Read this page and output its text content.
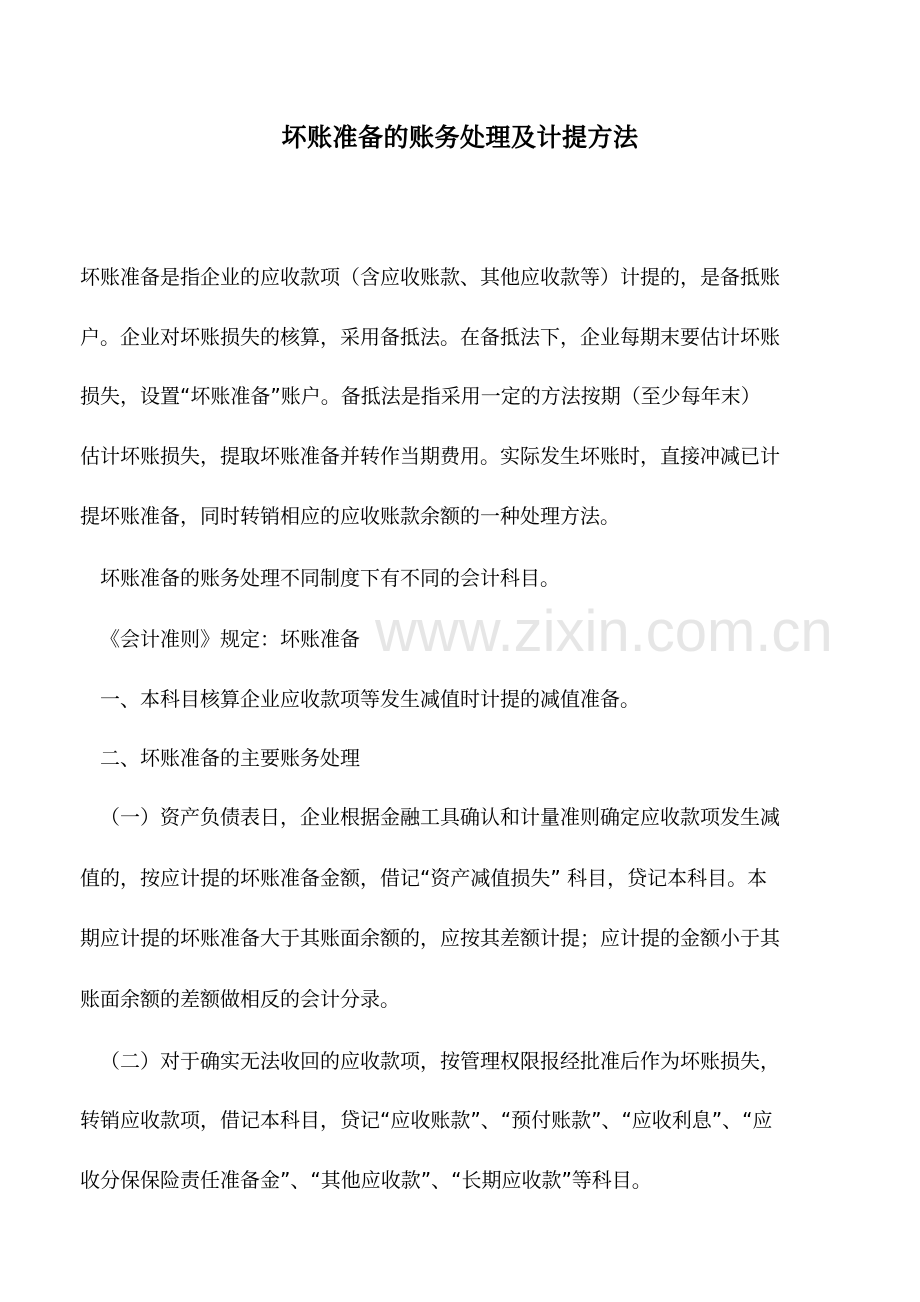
www.zixin.com.cn
坏账准备的账务处理及计提方法
坏账准备是指企业的应收款项（含应收账款、其他应收款等）计提的，是备抵账
户。企业对坏账损失的核算，采用备抵法。在备抵法下，企业每期末要估计坏账
损失，设置“坏账准备”账户。备抵法是指采用一定的方法按期（至少每年末）
估计坏账损失，提取坏账准备并转作当期费用。实际发生坏账时，直接冲减已计
提坏账准备，同时转销相应的应收账款余额的一种处理方法。
坏账准备的账务处理不同制度下有不同的会计科目。
《会计准则》规定：坏账准备
一、本科目核算企业应收款项等发生减值时计提的减值准备。
二、坏账准备的主要账务处理
（一）资产负债表日，企业根据金融工具确认和计量准则确定应收款项发生减
值的，按应计提的坏账准备金额，借记“资产减值损失” 科目，贷记本科目。本
期应计提的坏账准备大于其账面余额的，应按其差额计提；应计提的金额小于其
账面余额的差额做相反的会计分录。
（二）对于确实无法收回的应收款项，按管理权限报经批准后作为坏账损失，
转销应收款项，借记本科目，贷记“应收账款”、“预付账款”、“应收利息”、“应
收分保保险责任准备金”、“其他应收款”、“长期应收款”等科目。
